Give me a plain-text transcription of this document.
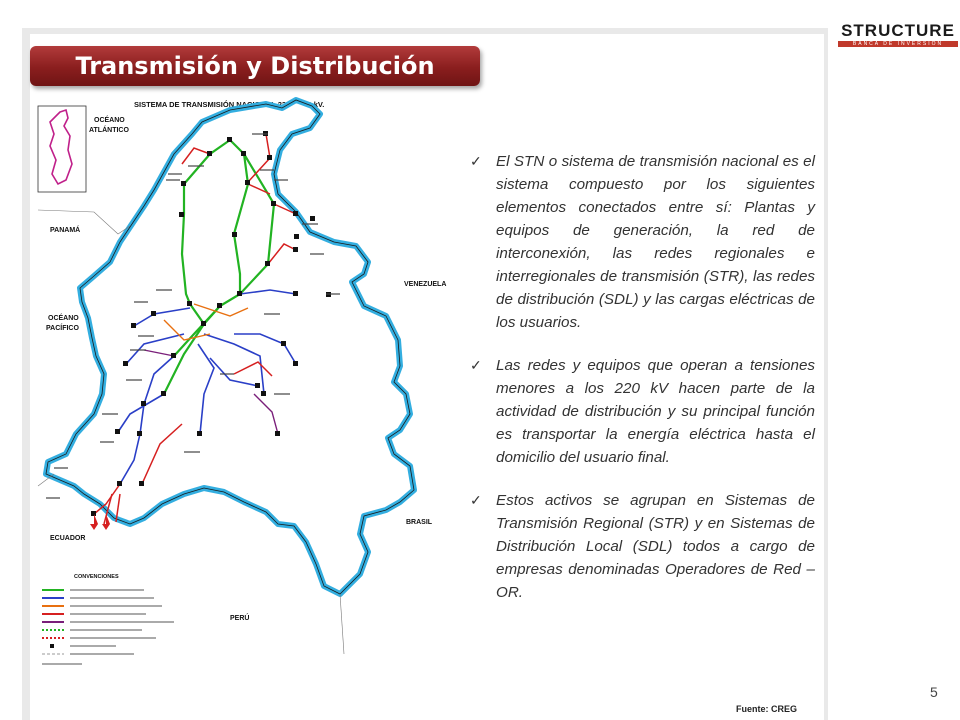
STRUCTURE
BANCA DE INVERSION
Transmisión y Distribución
SISTEMA DE TRANSMISIÓN NACIONAL 230 Y 500 kV.
OCÉANO
ATLÁNTICO
PANAMÁ
OCÉANO
PACÍFICO
VENEZUELA
ECUADOR
BRASIL
PERÚ
CONVENCIONES
✓ El STN o sistema de transmisión nacional es el sistema compuesto por los siguientes elementos conectados entre sí: Plantas y equipos de generación, la red de interconexión, las redes regionales e interregionales de transmisión (STR), las redes de distribución (SDL) y las cargas eléctricas de los usuarios.
✓ Las redes y equipos que operan a tensiones menores a los 220 kV hacen parte de la actividad de distribución y su principal función es transportar la energía eléctrica hasta el domicilio del usuario final.
✓ Estos activos se agrupan en Sistemas de Transmisión Regional (STR) y en Sistemas de Distribución Local (SDL) todos a cargo de empresas denominadas Operadores de Red – OR.
5
Fuente: CREG
